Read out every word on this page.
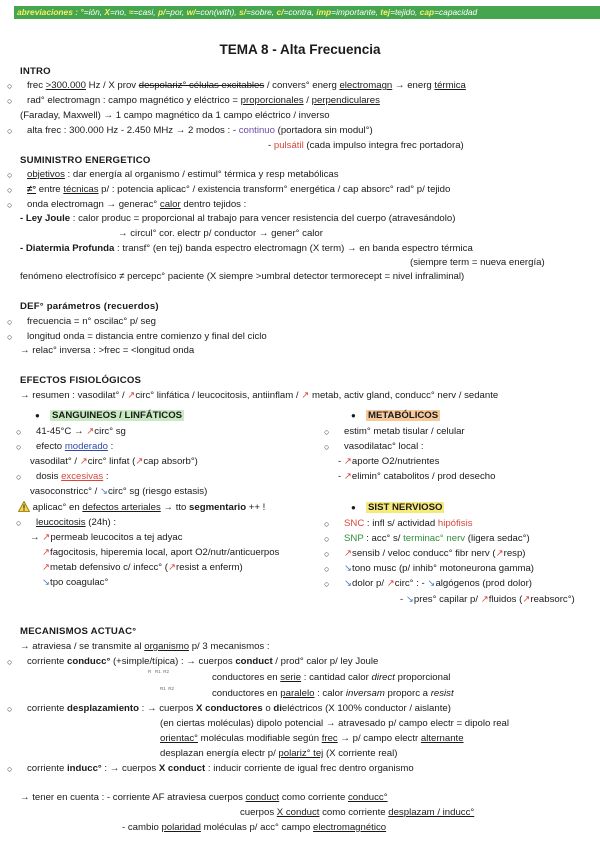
abreviaciones : °=ión, X=no, ≈=casi, p/=por, w/=con(with), s/=sobre, c/=contra, imp=importante, tej=tejido, cap=capacidad
TEMA 8 - Alta Frecuencia
INTRO
○ frec >300.000 Hz / X prov despolariz° células excitables / convers° energ electromagn → energ térmica
○ rad° electromagn : campo magnético y eléctrico = proporcionales / perpendiculares
(Faraday, Maxwell) → 1 campo magnético da 1 campo eléctrico / inverso
○ alta frec : 300.000 Hz - 2.450 MHz → 2 modos : - continuo (portadora sin modul°)
- pulsátil (cada impulso integra frec portadora)
SUMINISTRO ENERGETICO
○ objetivos : dar energía al organismo / estimul° térmica y resp metabólicas
○ ≠° entre técnicas p/ : potencia aplicac° / existencia transform° energética / cap absorc° rad° p/ tejido
○ onda electromagn → generac° calor dentro tejidos :
- Ley Joule : calor produc = proporcional al trabajo para vencer resistencia del cuerpo (atravesándolo)
→ circul° cor. electr p/ conductor → gener° calor
- Diatermia Profunda : transf° (en tej) banda espectro electromagn (X term) → en banda espectro térmica
(siempre term = nueva energía)
fenómeno electrofísico ≠ percepc° paciente (X siempre >umbral detector termorecept = nivel infraliminal)
DEF° parámetros (recuerdos)
○ frecuencia = n° oscilac° p/ seg
○ longitud onda = distancia entre comienzo y final del ciclo
→ relac° inversa : >frec = <longitud onda
EFECTOS FISIOLÓGICOS
→ resumen : vasodilat° / ↗circ° linfática / leucocitosis, antiinflam / ↗ metab, activ gland, conducc° nerv / sedante
● SANGUINEOS / LINFÁTICOS
○ 41-45°C → ↗circ° sg
○ efecto moderado :
vasodilat° / ↗circ° linfat (↗cap absorb°)
○ dosis excesivas :
vasoconstricc° / ↘circ° sg (riesgo estasis)
aplicac° en defectos arteriales → tto segmentario ++ !
○ leucocitosis (24h) :
→ ↗permeab leucocitos a tej adyac
↗fagocitosis, hiperemia local, aport O2/nutr/anticuerpos
↗metab defensivo c/ infecc° (↗resist a enferm)
↘tpo coagulac°
● METABÓLICOS
○ estim° metab tisular / celular
○ vasodilatac° local :
- ↗aporte O2/nutrientes
- ↗elimin° catabolitos / prod desecho
● SIST NERVIOSO
○ SNC : infl s/ actividad hipófisis
○ SNP : acc° s/ terminac° nerv (ligera sedac°)
○ ↗sensib / veloc conducc° fibr nerv (↗resp)
○ ↘tono musc (p/ inhib° motoneurona gamma)
○ ↘dolor p/ ↗circ° : - ↘algógenos (prod dolor)
- ↘pres° capilar p/ ↗fluidos (↗reabsorc°)
MECANISMOS ACTUAC°
→ atraviesa / se transmite al organismo p/ 3 mecanismos :
○ corriente conducc° (+simple/típica) : → cuerpos conduct / prod° calor p/ ley Joule
R R1 R2
conductores en serie : cantidad calor direct proporcional
R1 R2	conductores en paralelo : calor inversam proporc a resist
○ corriente desplazamiento : → cuerpos X conductores o dieléctricos (X 100% conductor / aislante)
(en ciertas moléculas) dipolo potencial → atravesado p/ campo electr = dipolo real
orientac° moléculas modifiable según frec → p/ campo electr alternante
desplazan energía electr p/ polariz° tej (X corriente real)
○ corriente inducc° : → cuerpos X conduct : inducir corriente de igual frec dentro organismo
→ tener en cuenta : - corriente AF atraviesa cuerpos conduct como corriente conducc°
cuerpos X conduct como corriente desplazam / inducc°
- cambio polaridad moléculas p/ acc° campo electromagnético
